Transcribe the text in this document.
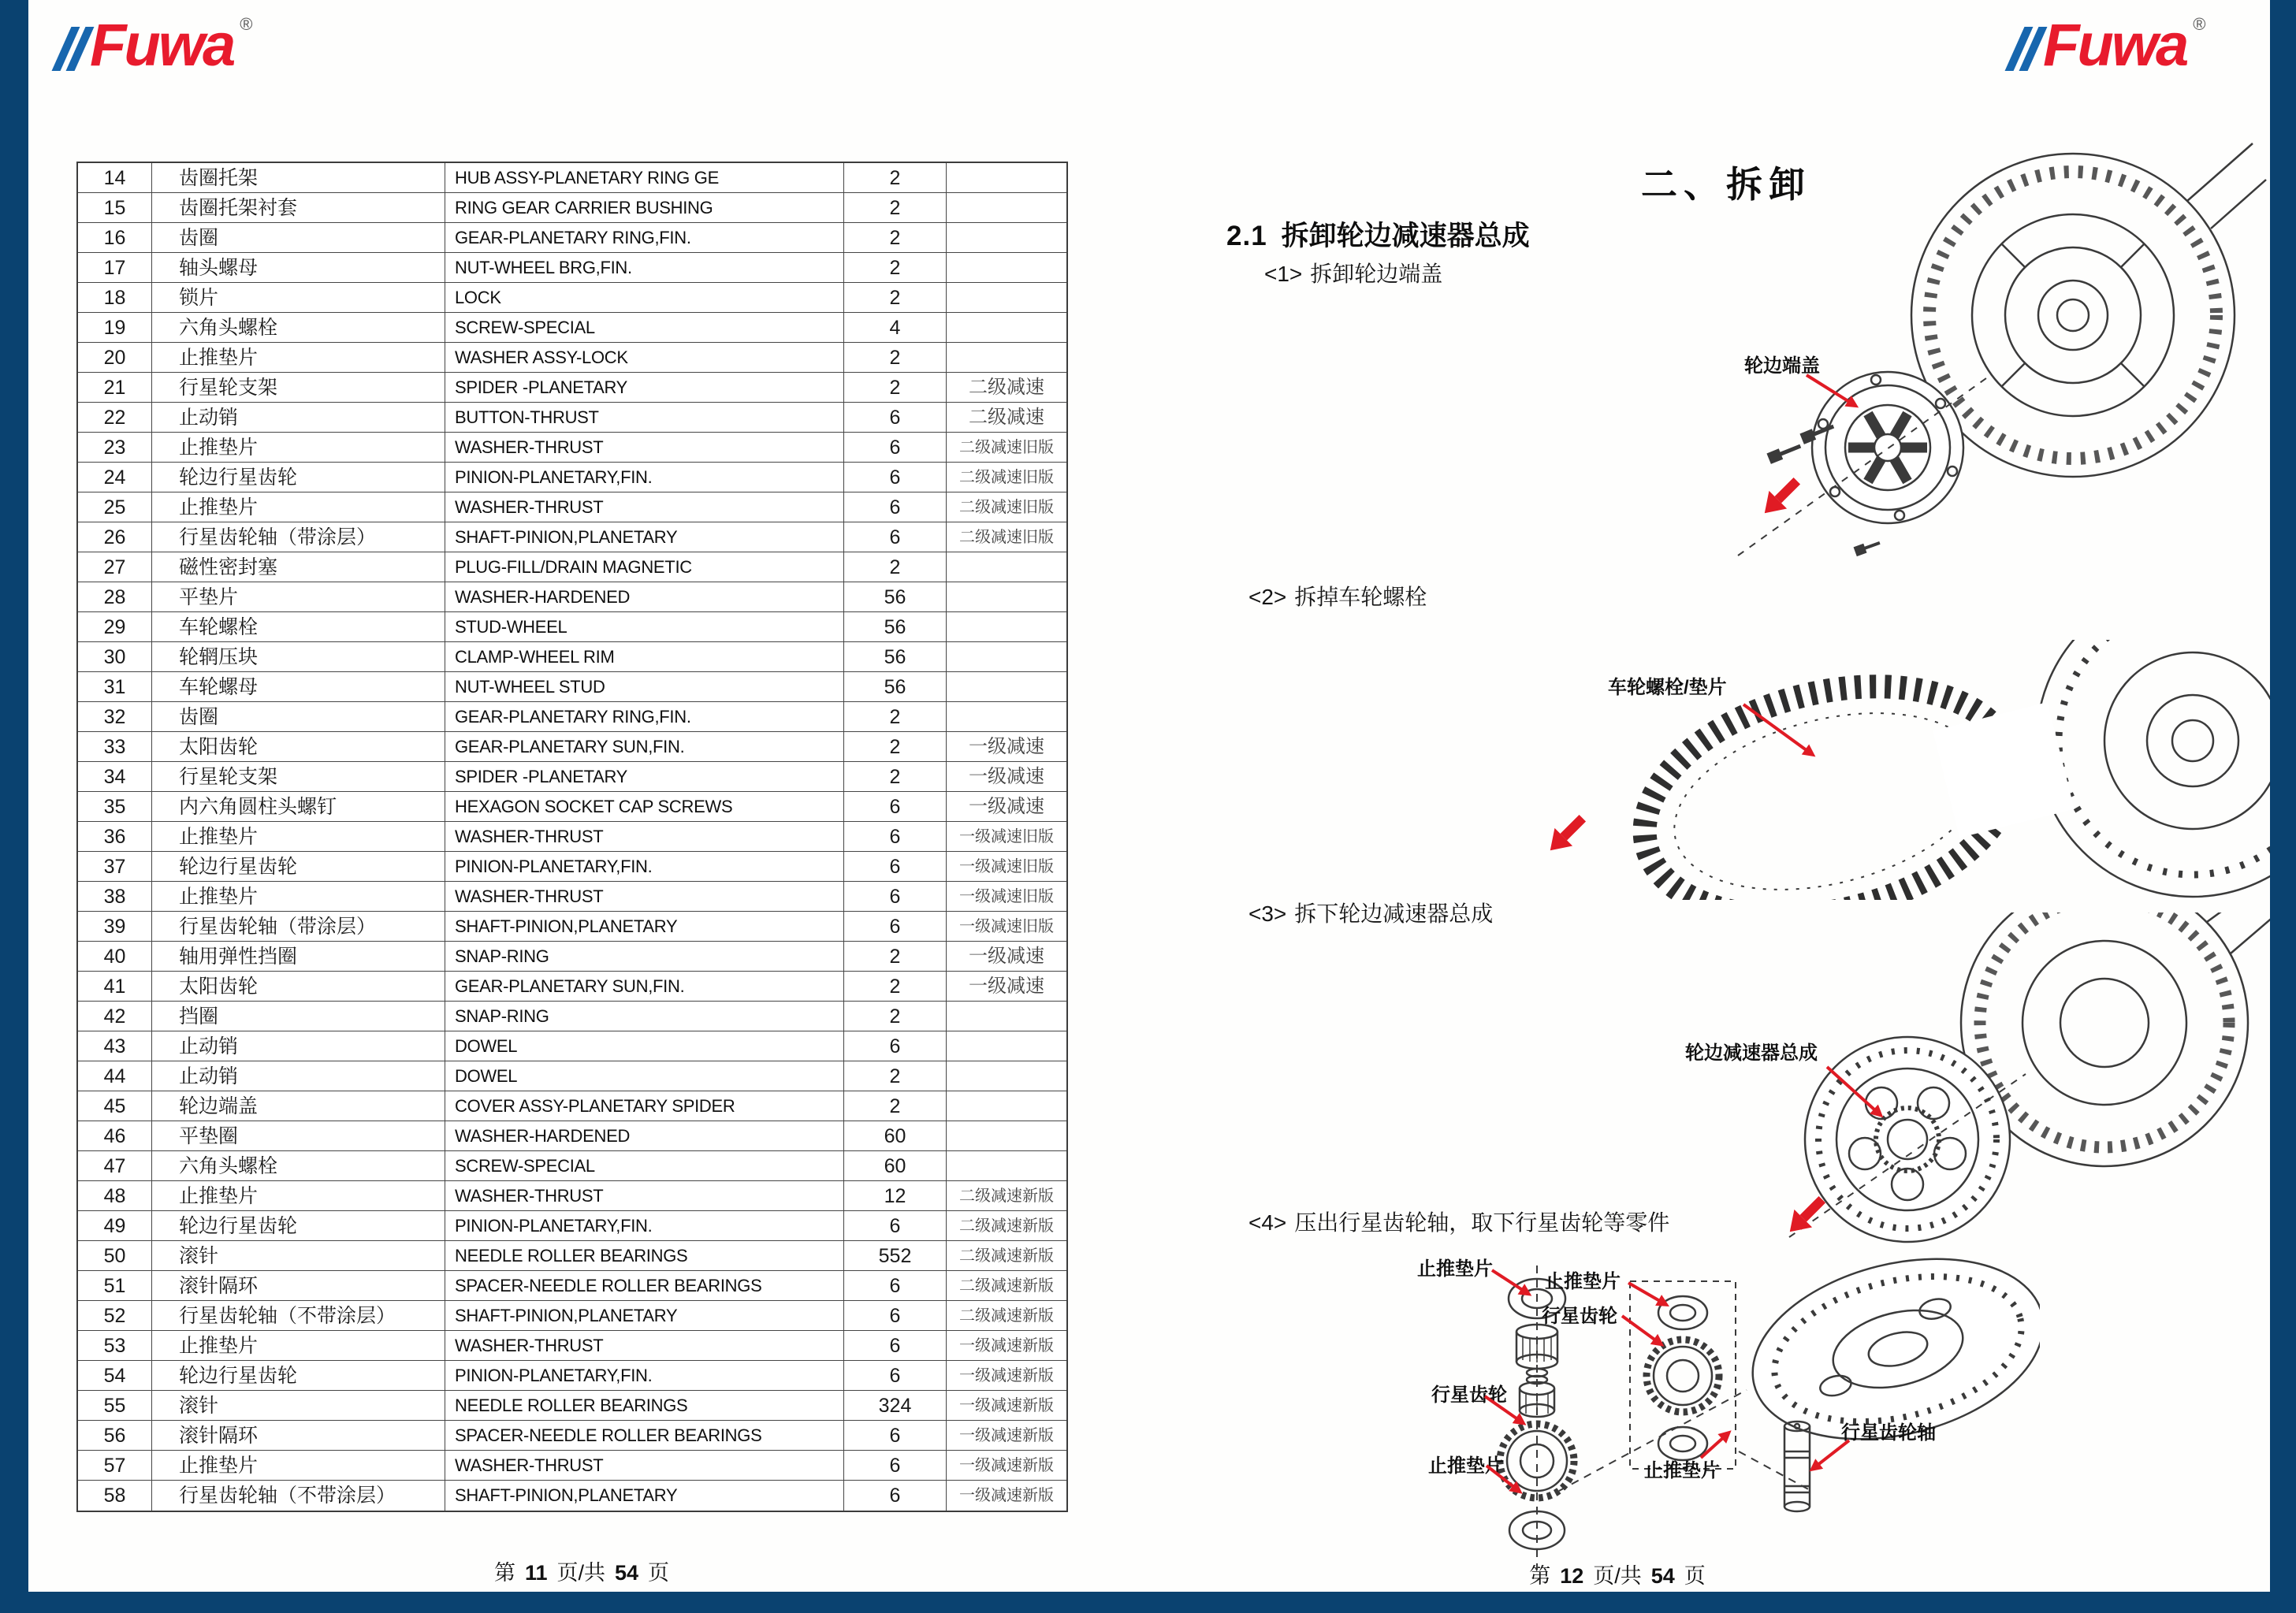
Fuwa ®	Fuwa ®
14	齿圈托架	HUB ASSY-PLANETARY RING GE	2
15	齿圈托架衬套	RING GEAR CARRIER BUSHING	2
16	齿圈	GEAR-PLANETARY RING,FIN.	2
17	轴头螺母	NUT-WHEEL BRG,FIN.	2
18	锁片	LOCK	2
19	六角头螺栓	SCREW-SPECIAL	4
20	止推垫片	WASHER ASSY-LOCK	2
21	行星轮支架	SPIDER -PLANETARY	2	二级减速
22	止动销	BUTTON-THRUST	6	二级减速
23	止推垫片	WASHER-THRUST	6	二级减速旧版
24	轮边行星齿轮	PINION-PLANETARY,FIN.	6	二级减速旧版
25	止推垫片	WASHER-THRUST	6	二级减速旧版
26	行星齿轮轴（带涂层）	SHAFT-PINION,PLANETARY	6	二级减速旧版
27	磁性密封塞	PLUG-FILL/DRAIN MAGNETIC	2
28	平垫片	WASHER-HARDENED	56
29	车轮螺栓	STUD-WHEEL	56
30	轮辋压块	CLAMP-WHEEL RIM	56
31	车轮螺母	NUT-WHEEL STUD	56
32	齿圈	GEAR-PLANETARY RING,FIN.	2
33	太阳齿轮	GEAR-PLANETARY SUN,FIN.	2	一级减速
34	行星轮支架	SPIDER -PLANETARY	2	一级减速
35	内六角圆柱头螺钉	HEXAGON SOCKET CAP SCREWS	6	一级减速
36	止推垫片	WASHER-THRUST	6	一级减速旧版
37	轮边行星齿轮	PINION-PLANETARY,FIN.	6	一级减速旧版
38	止推垫片	WASHER-THRUST	6	一级减速旧版
39	行星齿轮轴（带涂层）	SHAFT-PINION,PLANETARY	6	一级减速旧版
40	轴用弹性挡圈	SNAP-RING	2	一级减速
41	太阳齿轮	GEAR-PLANETARY SUN,FIN.	2	一级减速
42	挡圈	SNAP-RING	2
43	止动销	DOWEL	6
44	止动销	DOWEL	2
45	轮边端盖	COVER ASSY-PLANETARY SPIDER	2
46	平垫圈	WASHER-HARDENED	60
47	六角头螺栓	SCREW-SPECIAL	60
48	止推垫片	WASHER-THRUST	12	二级减速新版
49	轮边行星齿轮	PINION-PLANETARY,FIN.	6	二级减速新版
50	滚针	NEEDLE ROLLER BEARINGS	552	二级减速新版
51	滚针隔环	SPACER-NEEDLE ROLLER BEARINGS	6	二级减速新版
52	行星齿轮轴（不带涂层）	SHAFT-PINION,PLANETARY	6	二级减速新版
53	止推垫片	WASHER-THRUST	6	一级减速新版
54	轮边行星齿轮	PINION-PLANETARY,FIN.	6	一级减速新版
55	滚针	NEEDLE ROLLER BEARINGS	324	一级减速新版
56	滚针隔环	SPACER-NEEDLE ROLLER BEARINGS	6	一级减速新版
57	止推垫片	WASHER-THRUST	6	一级减速新版
58	行星齿轮轴（不带涂层）	SHAFT-PINION,PLANETARY	6	一级减速新版
第 11 页/共 54 页
二、拆卸
2.1 拆卸轮边减速器总成
<1> 拆卸轮边端盖
<2> 拆掉车轮螺栓
<3> 拆下轮边减速器总成
<4> 压出行星齿轮轴，取下行星齿轮等零件
第 12 页/共 54 页
轮边端盖
车轮螺栓/垫片
轮边减速器总成
止推垫片
止推垫片
行星齿轮
行星齿轮
止推垫片	止推垫片
行星齿轮轴
